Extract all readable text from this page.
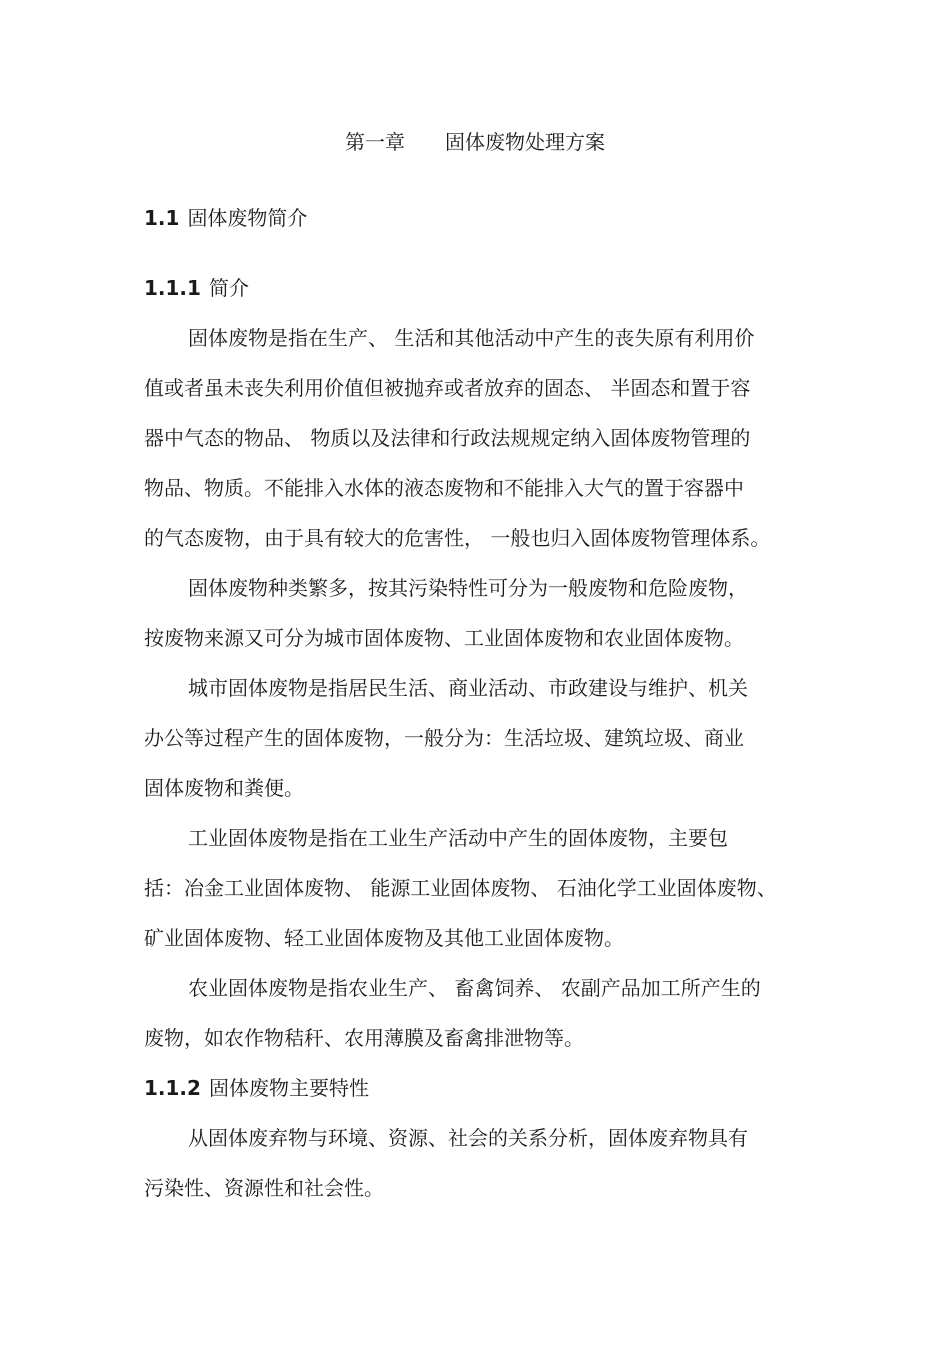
第一章 固体废物处理方案
1.1 固体废物简介
1.1.1 简介
固体废物是指在生产、 生活和其他活动中产生的丧失原有利用价
值或者虽未丧失利用价值但被抛弃或者放弃的固态、 半固态和置于容
器中气态的物品、 物质以及法律和行政法规规定纳入固体废物管理的
物品、物质。不能排入水体的液态废物和不能排入大气的置于容器中
的气态废物，由于具有较大的危害性， 一般也归入固体废物管理体系。
固体废物种类繁多，按其污染特性可分为一般废物和危险废物，
按废物来源又可分为城市固体废物、工业固体废物和农业固体废物。
城市固体废物是指居民生活、商业活动、市政建设与维护、机关
办公等过程产生的固体废物，一般分为：生活垃圾、建筑垃圾、商业
固体废物和粪便。
工业固体废物是指在工业生产活动中产生的固体废物，主要包
括：冶金工业固体废物、 能源工业固体废物、 石油化学工业固体废物、
矿业固体废物、轻工业固体废物及其他工业固体废物。
农业固体废物是指农业生产、 畜禽饲养、 农副产品加工所产生的
废物，如农作物秸秆、农用薄膜及畜禽排泄物等。
1.1.2 固体废物主要特性
从固体废弃物与环境、资源、社会的关系分析，固体废弃物具有
污染性、资源性和社会性。
